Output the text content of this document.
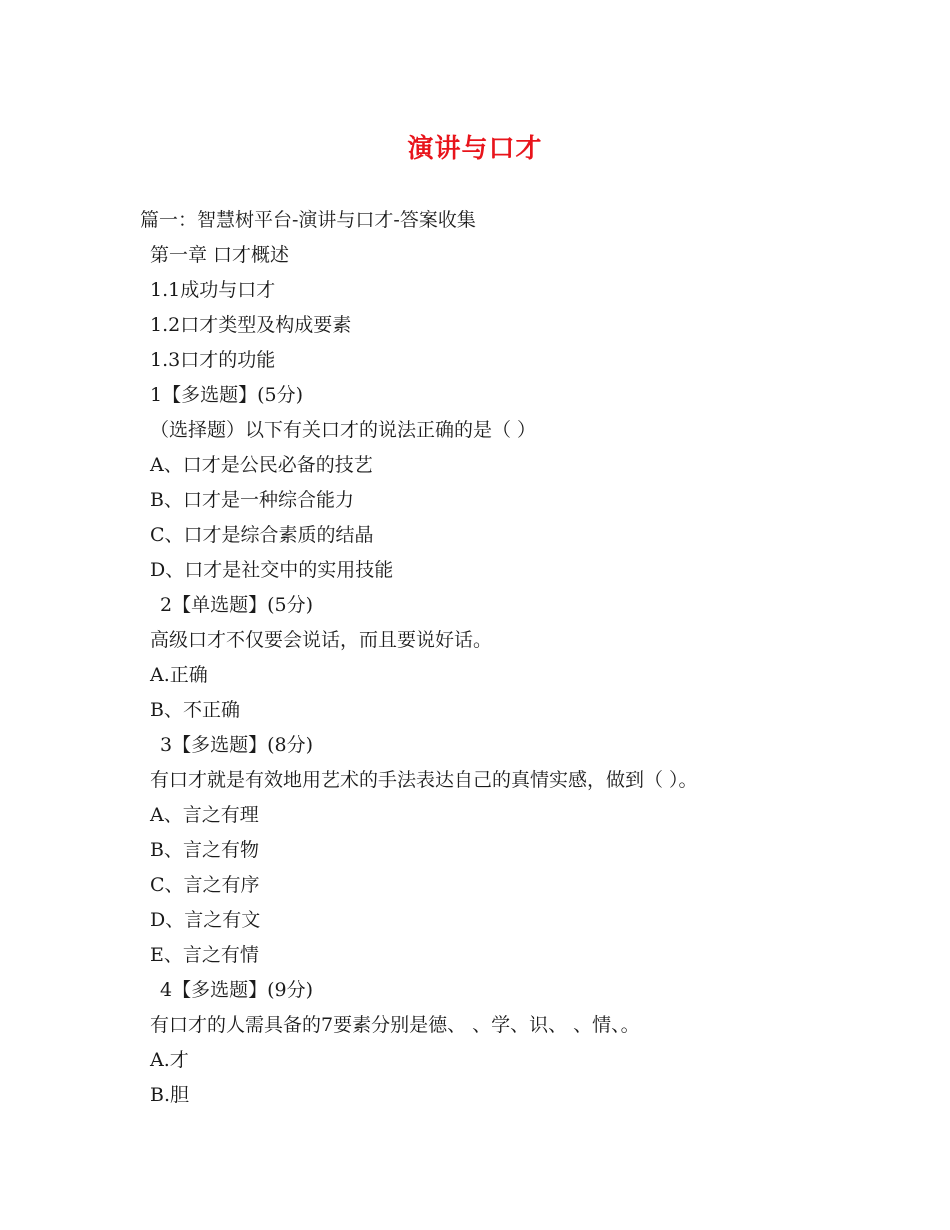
演讲与口才
篇一：智慧树平台-演讲与口才-答案收集
第一章 口才概述
1.1成功与口才
1.2口才类型及构成要素
1.3口才的功能
1【多选题】(5分)
（选择题）以下有关口才的说法正确的是（ ）
A、口才是公民必备的技艺
B、口才是一种综合能力
C、口才是综合素质的结晶
D、口才是社交中的实用技能
2【单选题】(5分)
高级口才不仅要会说话，而且要说好话。
A.正确
B、不正确
3【多选题】(8分)
有口才就是有效地用艺术的手法表达自己的真情实感，做到（ ）。
A、言之有理
B、言之有物
C、言之有序
D、言之有文
E、言之有情
4【多选题】(9分)
有口才的人需具备的7要素分别是德、 、学、识、 、情、。
A.才
B.胆
